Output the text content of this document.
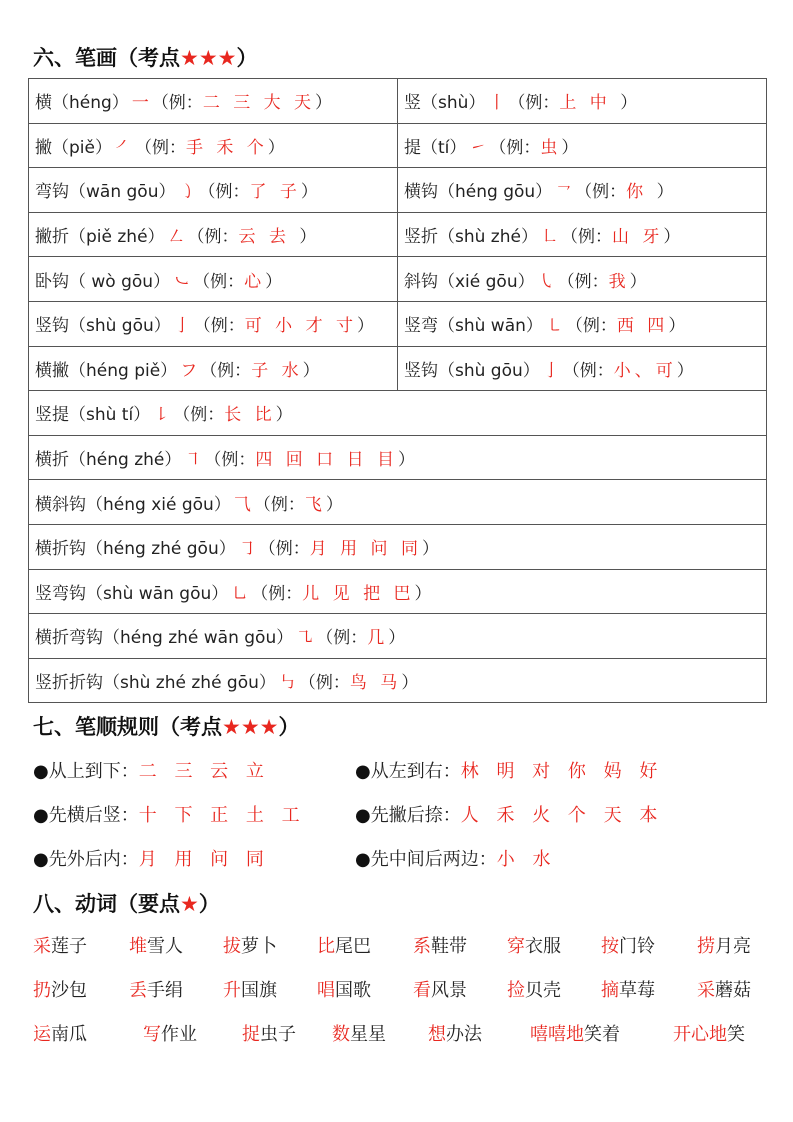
六、笔画（考点★★★）
横（héng） 一 （例：二 三 大 天）	竖（shù） 丨 （例：上 中 ）
撇（piě） ㇒ （例：手 禾 个）	提（tí） ㇀ （例：虫）
弯钩（wān gōu） ㇁ （例：了 子）	横钩（héng gōu） ㇖ （例：你 ）
撇折（piě zhé） ㇜ （例：云 去 ）	竖折（shù zhé） ㇗ （例：山 牙）
卧钩（ wò gōu） ㇃ （例：心）	斜钩（xié gōu） ㇂ （例：我）
竖钩（shù gōu） 亅 （例：可 小 才 寸）	竖弯（shù wān） ㇄ （例：西 四）
横撇（héng piě） フ （例：子 水）	竖钩（shù gōu） 亅 （例：小、可）
竖提（shù tí） ㇙ （例：长 比）	
横折（héng zhé） ㇕ （例：四 回 口 日 目）	
横斜钩（héng xié gōu） ⺄ （例：飞）	
横折钩（héng zhé gōu） ㇆ （例：月 用 问 同）	
竖弯钩（shù wān gōu） ㇟ （例：儿 见 把 巴）	
横折弯钩（héng zhé wān gōu） ㇈ （例：几）	
竖折折钩（shù zhé zhé gōu） ㇉ （例：鸟 马）	
七、笔顺规则（考点★★★）
●从上到下：二 三 云 立	●从左到右：林 明 对 你 妈 好
●先横后竖：十 下 正 土 工	●先撇后捺：人 禾 火 个 天 本
●先外后内：月 用 问 同	●先中间后两边：小 水
八、动词（要点★）
采莲子 堆雪人 拔萝卜 比尾巴 系鞋带 穿衣服 按门铃 捞月亮
扔沙包 丢手绢 升国旗 唱国歌 看风景 捡贝壳 摘草莓 采蘑菇
运南瓜	写作业	捉虫子 数星星 想办法	嘻嘻地笑着	开心地笑
